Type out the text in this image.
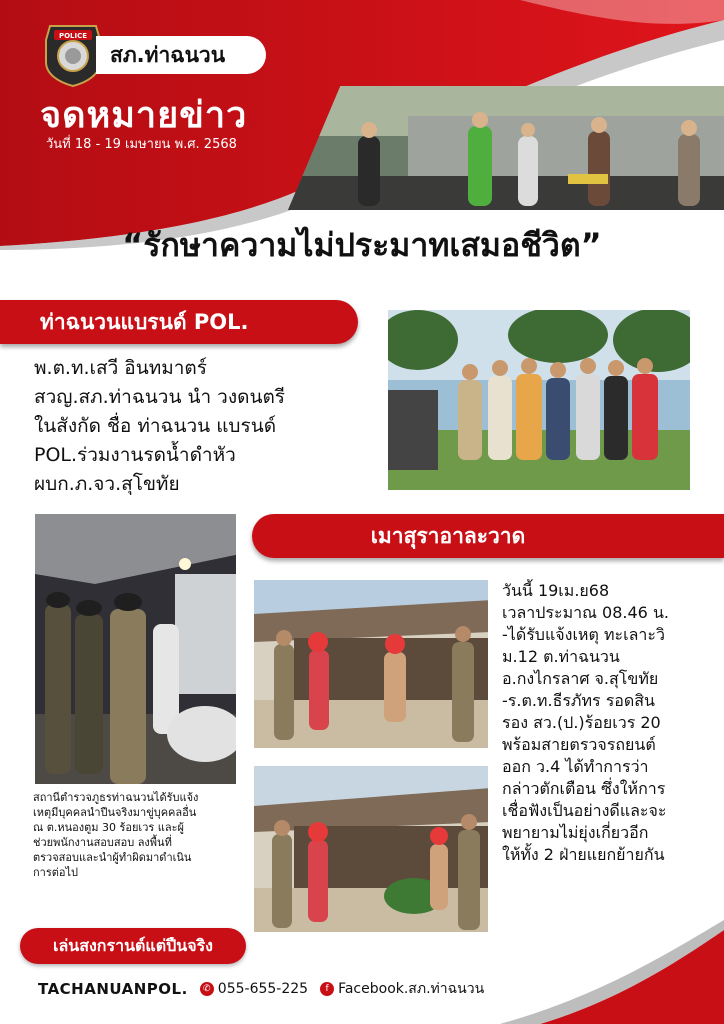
POLICE
สภ.ท่าฉนวน
จดหมายข่าว
วันที่ 18 - 19 เมษายน พ.ศ. 2568
“รักษาความไม่ประมาทเสมอชีวิต”
ท่าฉนวนแบรนด์ POL.
พ.ต.ท.เสวี อินทมาตร์
สวญ.สภ.ท่าฉนวน นำ วงดนตรี
ในสังกัด ชื่อ ท่าฉนวน แบรนด์
POL.ร่วมงานรดน้ำดำหัว
ผบก.ภ.จว.สุโขทัย
เมาสุราอาละวาด
สถานีตำรวจภูธรท่าฉนวนได้รับแจ้ง
เหตุมีบุคคลนำปืนจริงมาขู่บุคคลอื่น
ณ ต.หนองตูม 30 ร้อยเวร และผู้
ช่วยพนักงานสอบสอบ ลงพื้นที่
ตรวจสอบและนำผู้ทำผิดมาดำเนิน
การต่อไป
วันนี้ 19เม.ย68
เวลาประมาณ 08.46 น.
-ได้รับแจ้งเหตุ ทะเลาะวิ
ม.12 ต.ท่าฉนวน
อ.กงไกรลาศ จ.สุโขทัย
-ร.ต.ท.ธีรภัทร รอดสิน
รอง สว.(ป.)ร้อยเวร 20
พร้อมสายตรวจรถยนต์
ออก ว.4 ได้ทำการว่า
กล่าวตักเตือน ซึ่งให้การ
เชื่อฟังเป็นอย่างดีและจะ
พยายามไม่ยุ่งเกี่ยวอีก
ให้ทั้ง 2 ฝ่ายแยกย้ายกัน
เล่นสงกรานต์แต่ปืนจริง
TACHANUANPOL.	✆ 055-655-225	f Facebook.สภ.ท่าฉนวน
